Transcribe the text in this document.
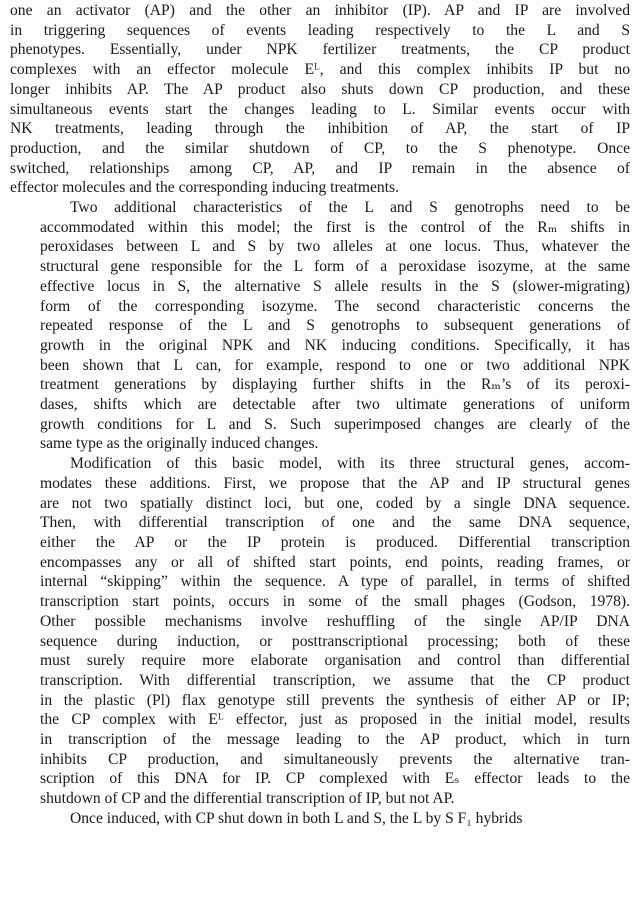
one an activator (AP) and the other an inhibitor (IP). AP and IP are involved
in triggering sequences of events leading respectively to the L and S
phenotypes. Essentially, under NPK fertilizer treatments, the CP product
complexes with an effector molecule Eᴸ, and this complex inhibits IP but no
longer inhibits AP. The AP product also shuts down CP production, and these
simultaneous events start the changes leading to L. Similar events occur with
NK treatments, leading through the inhibition of AP, the start of IP
production, and the similar shutdown of CP, to the S phenotype. Once
switched, relationships among CP, AP, and IP remain in the absence of
effector molecules and the corresponding inducing treatments.
Two additional characteristics of the L and S genotrophs need to be
accommodated within this model; the first is the control of the Rₘ shifts in
peroxidases between L and S by two alleles at one locus. Thus, whatever the
structural gene responsible for the L form of a peroxidase isozyme, at the same
effective locus in S, the alternative S allele results in the S (slower-migrating)
form of the corresponding isozyme. The second characteristic concerns the
repeated response of the L and S genotrophs to subsequent generations of
growth in the original NPK and NK inducing conditions. Specifically, it has
been shown that L can, for example, respond to one or two additional NPK
treatment generations by displaying further shifts in the Rₘ’s of its peroxi-
dases, shifts which are detectable after two ultimate generations of uniform
growth conditions for L and S. Such superimposed changes are clearly of the
same type as the originally induced changes.
Modification of this basic model, with its three structural genes, accom-
modates these additions. First, we propose that the AP and IP structural genes
are not two spatially distinct loci, but one, coded by a single DNA sequence.
Then, with differential transcription of one and the same DNA sequence,
either the AP or the IP protein is produced. Differential transcription
encompasses any or all of shifted start points, end points, reading frames, or
internal “skipping” within the sequence. A type of parallel, in terms of shifted
transcription start points, occurs in some of the small phages (Godson, 1978).
Other possible mechanisms involve reshuffling of the single AP/IP DNA
sequence during induction, or posttranscriptional processing; both of these
must surely require more elaborate organisation and control than differential
transcription. With differential transcription, we assume that the CP product
in the plastic (Pl) flax genotype still prevents the synthesis of either AP or IP;
the CP complex with Eᴸ effector, just as proposed in the initial model, results
in transcription of the message leading to the AP product, which in turn
inhibits CP production, and simultaneously prevents the alternative tran-
scription of this DNA for IP. CP complexed with Eₛ effector leads to the
shutdown of CP and the differential transcription of IP, but not AP.
Once induced, with CP shut down in both L and S, the L by S F₁ hybrids
